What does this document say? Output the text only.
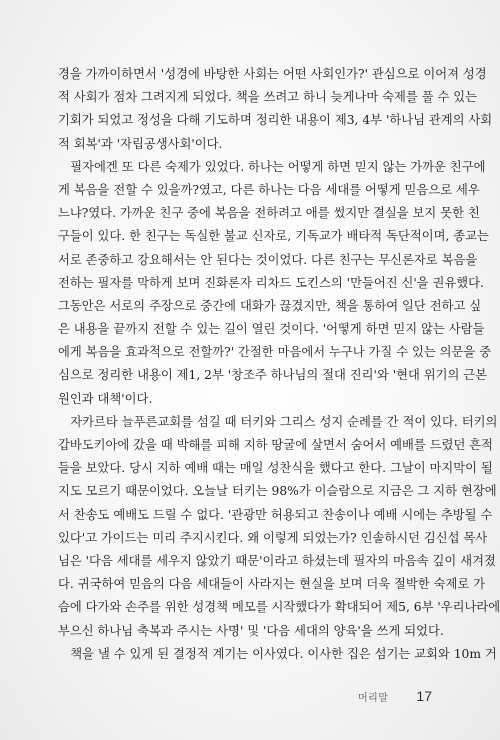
경을 가까이하면서 '성경에 바탕한 사회는 어떤 사회인가?' 관심으로 이어져 성경
적 사회가 점차 그려지게 되었다. 책을 쓰려고 하니 늦게나마 숙제를 풀 수 있는
기회가 되었고 정성을 다해 기도하며 정리한 내용이 제3, 4부 '하나님 관계의 사회
적 회복'과 '자립공생사회'이다.
　필자에겐 또 다른 숙제가 있었다. 하나는 어떻게 하면 믿지 않는 가까운 친구에
게 복음을 전할 수 있을까?였고, 다른 하나는 다음 세대를 어떻게 믿음으로 세우
느냐?였다. 가까운 친구 중에 복음을 전하려고 애를 썼지만 결실을 보지 못한 친
구들이 있다. 한 친구는 독실한 불교 신자로, 기독교가 배타적 독단적이며, 종교는
서로 존중하고 강요해서는 안 된다는 것이었다. 다른 친구는 무신론자로 복음을
전하는 필자를 막하게 보며 진화론자 리차드 도킨스의 '만들어진 신'을 권유했다.
그동안은 서로의 주장으로 중간에 대화가 끊겼지만, 책을 통하여 일단 전하고 싶
은 내용을 끝까지 전할 수 있는 길이 열린 것이다. '어떻게 하면 믿지 않는 사람들
에게 복음을 효과적으로 전할까?' 간절한 마음에서 누구나 가질 수 있는 의문을 중
심으로 정리한 내용이 제1, 2부 '창조주 하나님의 절대 진리'와 '현대 위기의 근본
원인과 대책'이다.
　자카르타 늘푸른교회를 섬길 때 터키와 그리스 성지 순례를 간 적이 있다. 터키의
갑바도키아에 갔을 때 박해를 피해 지하 땅굴에 살면서 숨어서 예배를 드렸던 흔적
들을 보았다. 당시 지하 예배 때는 매일 성찬식을 했다고 한다. 그날이 마지막이 될
지도 모르기 때문이었다. 오늘날 터키는 98%가 이슬람으로 지금은 그 지하 현장에
서 찬송도 예배도 드릴 수 없다. '관광만 허용되고 찬송이나 예배 시에는 추방될 수
있다'고 가이드는 미리 주지시킨다. 왜 이렇게 되었는가? 인솔하시던 김신섭 목사
님은 '다음 세대를 세우지 않았기 때문'이라고 하셨는데 필자의 마음속 깊이 새겨졌
다. 귀국하여 믿음의 다음 세대들이 사라지는 현실을 보며 더욱 절박한 숙제로 가
슴에 다가와 손주를 위한 성경책 메모를 시작했다가 확대되어 제5, 6부 '우리나라에
부으신 하나님 축복과 주시는 사명' 및 '다음 세대의 양육'을 쓰게 되었다.
　책을 낼 수 있게 된 결정적 계기는 이사였다. 이사한 집은 섬기는 교회와 10m 거
머리말 17
